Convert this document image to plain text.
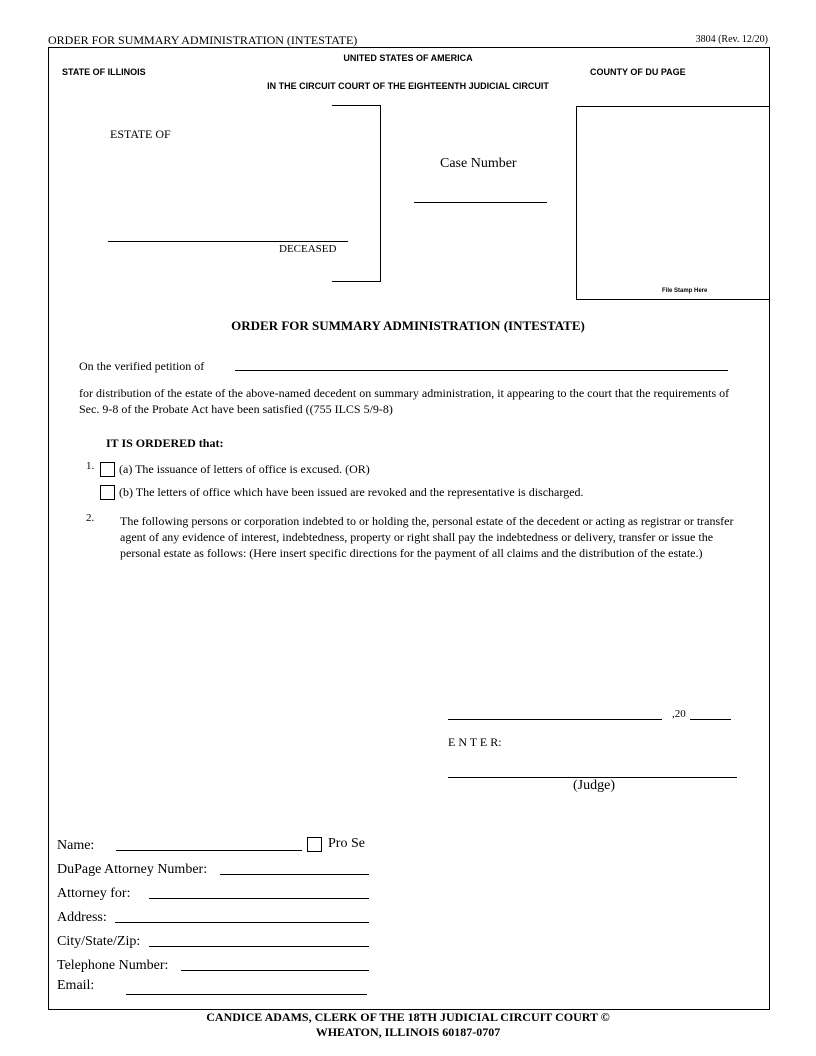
ORDER FOR SUMMARY ADMINISTRATION (INTESTATE)	3804 (Rev. 12/20)
UNITED STATES OF AMERICA
STATE OF ILLINOIS	COUNTY OF DU PAGE
IN THE CIRCUIT COURT OF THE EIGHTEENTH JUDICIAL CIRCUIT
ESTATE OF
DECEASED
Case Number
File Stamp Here
ORDER FOR SUMMARY ADMINISTRATION (INTESTATE)
On the verified petition of
for distribution of the estate of the above-named decedent on summary administration, it appearing to the court that the requirements of Sec. 9-8 of the Probate Act have been satisfied ((755 ILCS 5/9-8)
IT IS ORDERED that:
1. (a) The issuance of letters of office is excused. (OR)
(b) The letters of office which have been issued are revoked and the representative is discharged.
2. The following persons or corporation indebted to or holding the, personal estate of the decedent or acting as registrar or transfer agent of any evidence of interest, indebtedness, property or right shall pay the indebtedness or delivery, transfer or issue the personal estate as follows: (Here insert specific directions for the payment of all claims and the distribution of the estate.)
,20
E N T E R:
(Judge)
Name:	Pro Se
DuPage Attorney Number:
Attorney for:
Address:
City/State/Zip:
Telephone Number:
Email:
CANDICE ADAMS, CLERK OF THE 18TH JUDICIAL CIRCUIT COURT ©
WHEATON, ILLINOIS 60187-0707
